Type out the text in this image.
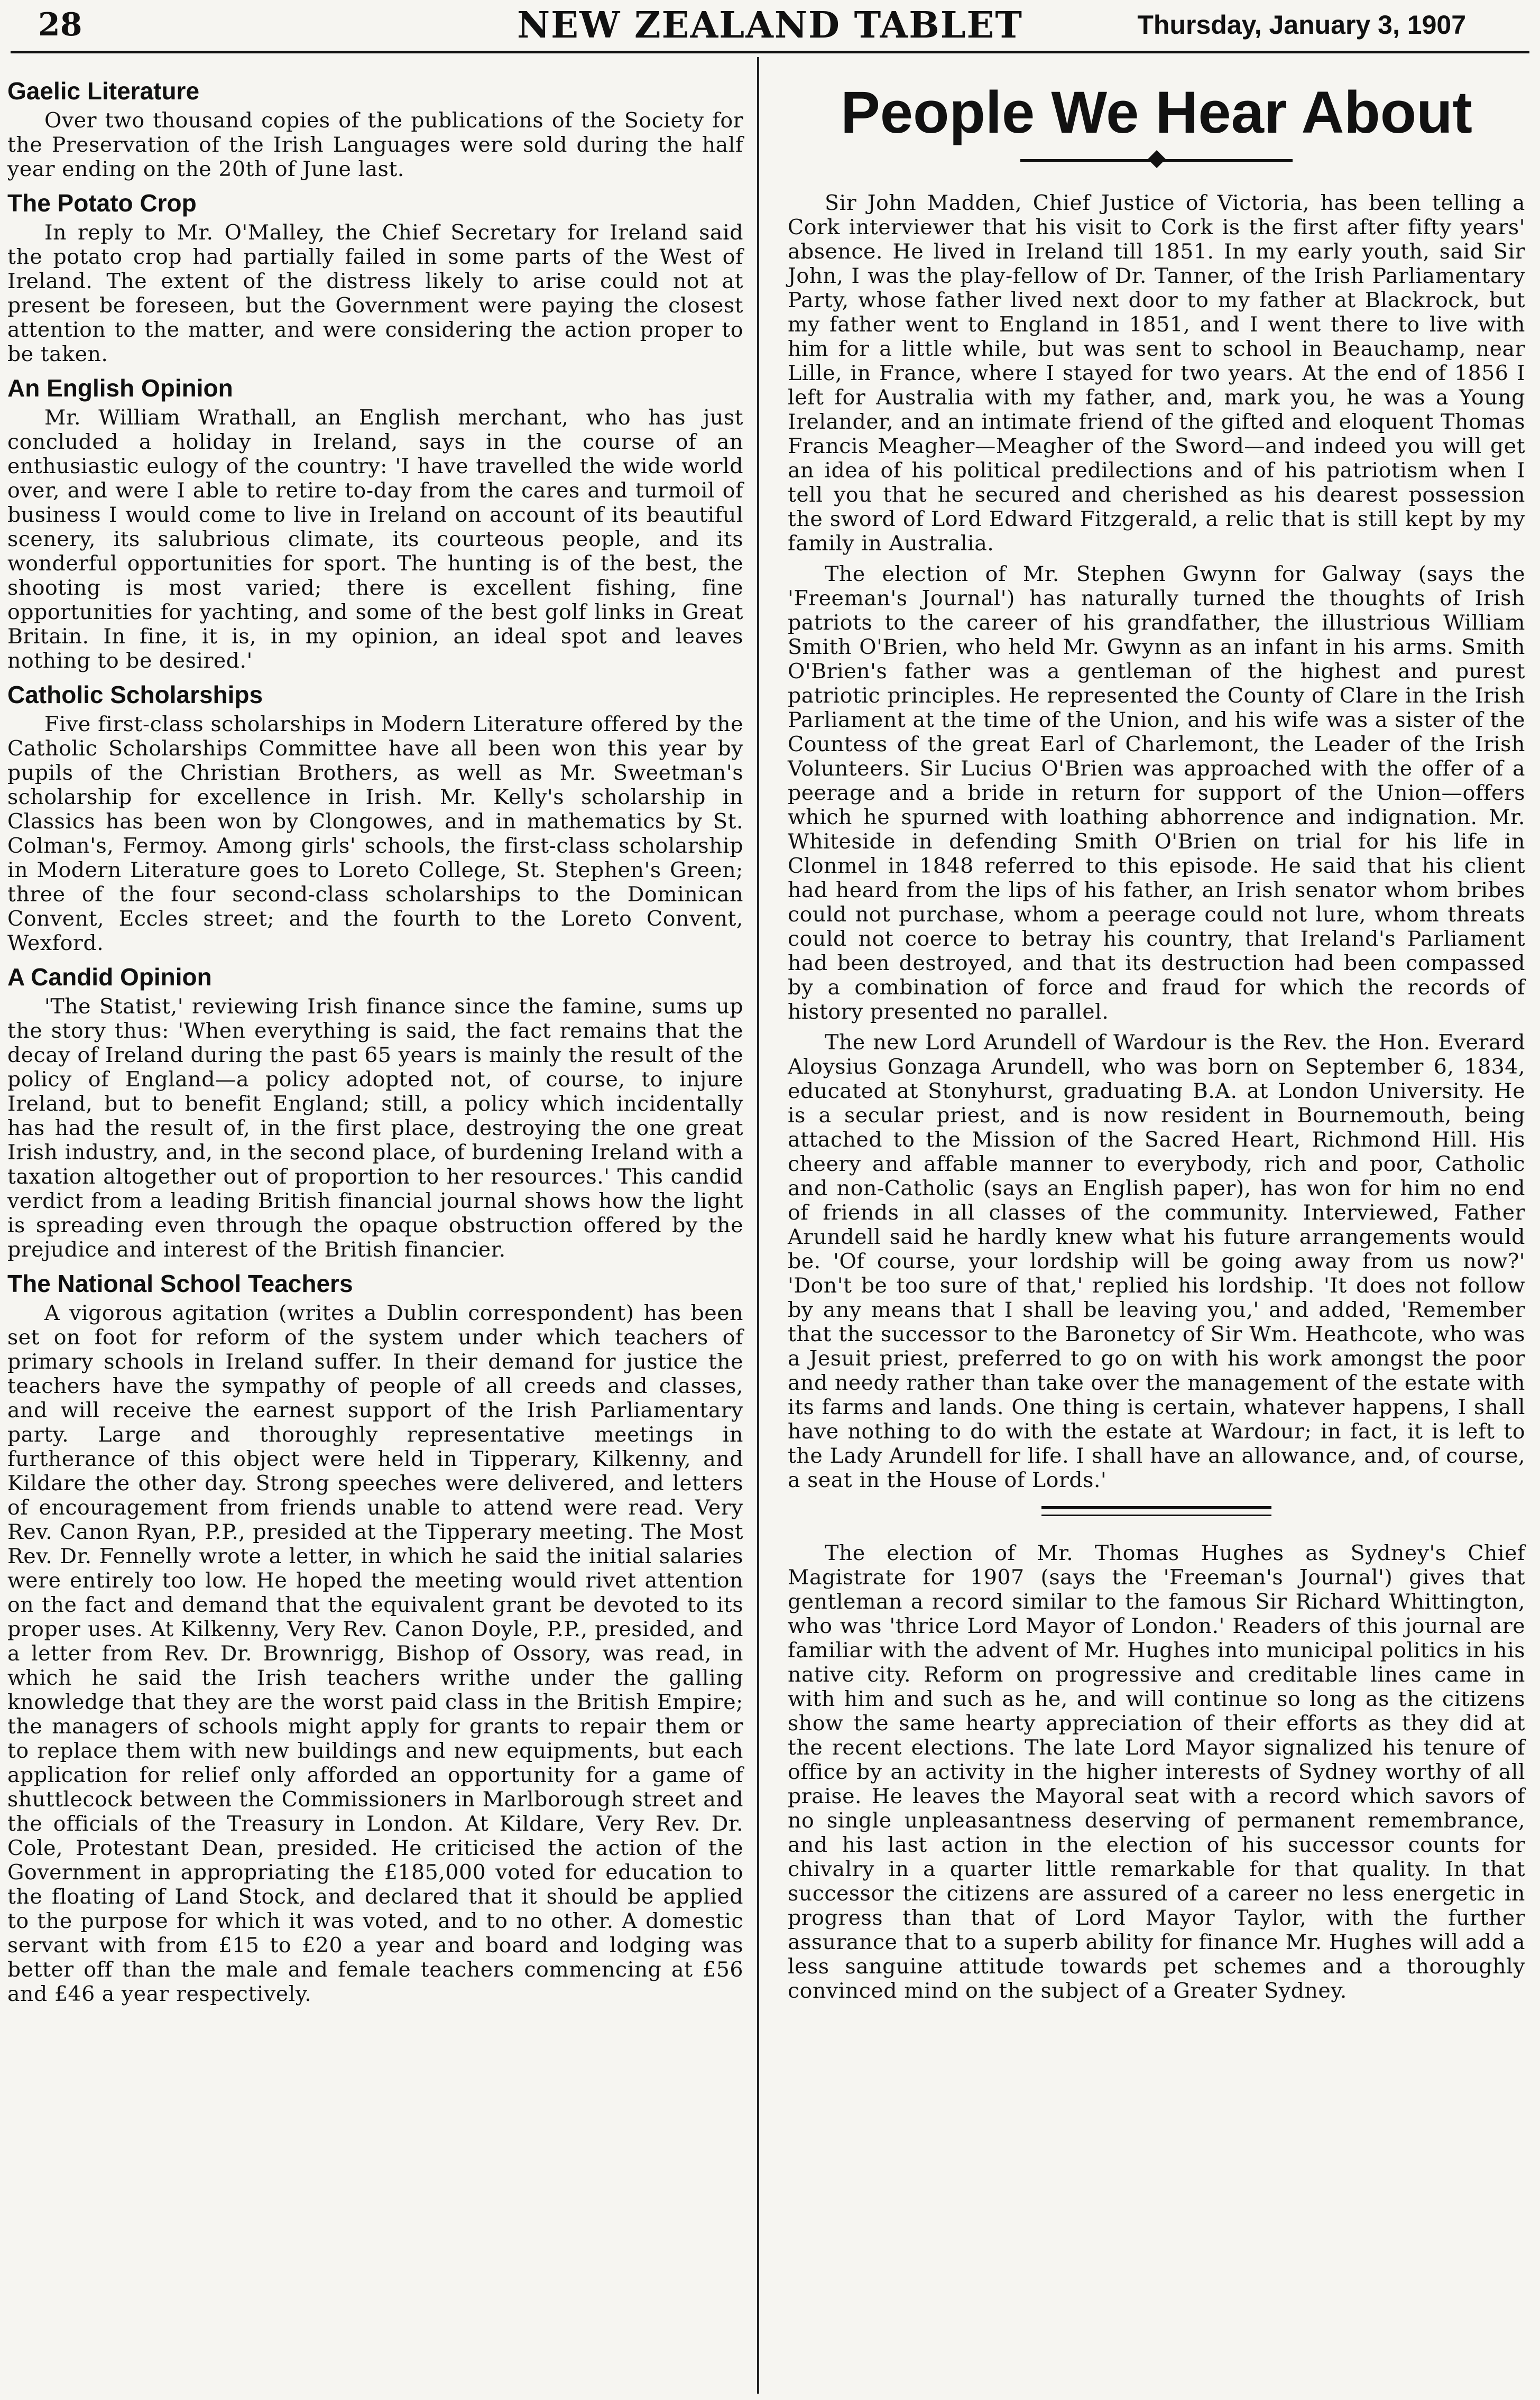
28	NEW ZEALAND TABLET	Thursday, January 3, 1907
Gaelic Literature

Over two thousand copies of the publications of the Society for the Preservation of the Irish Languages were sold during the half year ending on the 20th of June last.

The Potato Crop

In reply to Mr. O'Malley, the Chief Secretary for Ireland said the potato crop had partially failed in some parts of the West of Ireland. The extent of the distress likely to arise could not at present be foreseen, but the Government were paying the closest attention to the matter, and were considering the action proper to be taken.

An English Opinion

Mr. William Wrathall, an English merchant, who has just concluded a holiday in Ireland, says in the course of an enthusiastic eulogy of the country: 'I have travelled the wide world over, and were I able to retire to-day from the cares and turmoil of business I would come to live in Ireland on account of its beautiful scenery, its salubrious climate, its courteous people, and its wonderful opportunities for sport. The hunting is of the best, the shooting is most varied; there is excellent fishing, fine opportunities for yachting, and some of the best golf links in Great Britain. In fine, it is, in my opinion, an ideal spot and leaves nothing to be desired.'

Catholic Scholarships

Five first-class scholarships in Modern Literature offered by the Catholic Scholarships Committee have all been won this year by pupils of the Christian Brothers, as well as Mr. Sweetman's scholarship for excellence in Irish. Mr. Kelly's scholarship in Classics has been won by Clongowes, and in mathematics by St. Colman's, Fermoy. Among girls' schools, the first-class scholarship in Modern Literature goes to Loreto College, St. Stephen's Green; three of the four second-class scholarships to the Dominican Convent, Eccles street; and the fourth to the Loreto Convent, Wexford.

A Candid Opinion

'The Statist,' reviewing Irish finance since the famine, sums up the story thus: 'When everything is said, the fact remains that the decay of Ireland during the past 65 years is mainly the result of the policy of England—a policy adopted not, of course, to injure Ireland, but to benefit England; still, a policy which incidentally has had the result of, in the first place, destroying the one great Irish industry, and, in the second place, of burdening Ireland with a taxation altogether out of proportion to her resources.' This candid verdict from a leading British financial journal shows how the light is spreading even through the opaque obstruction offered by the prejudice and interest of the British financier.

The National School Teachers

A vigorous agitation (writes a Dublin correspondent) has been set on foot for reform of the system under which teachers of primary schools in Ireland suffer. In their demand for justice the teachers have the sympathy of people of all creeds and classes, and will receive the earnest support of the Irish Parliamentary party. Large and thoroughly representative meetings in furtherance of this object were held in Tipperary, Kilkenny, and Kildare the other day. Strong speeches were delivered, and letters of encouragement from friends unable to attend were read. Very Rev. Canon Ryan, P.P., presided at the Tipperary meeting. The Most Rev. Dr. Fennelly wrote a letter, in which he said the initial salaries were entirely too low. He hoped the meeting would rivet attention on the fact and demand that the equivalent grant be devoted to its proper uses. At Kilkenny, Very Rev. Canon Doyle, P.P., presided, and a letter from Rev. Dr. Brownrigg, Bishop of Ossory, was read, in which he said the Irish teachers writhe under the galling knowledge that they are the worst paid class in the British Empire; the managers of schools might apply for grants to repair them or to replace them with new buildings and new equipments, but each application for relief only afforded an opportunity for a game of shuttlecock between the Commissioners in Marlborough street and the officials of the Treasury in London. At Kildare, Very Rev. Dr. Cole, Protestant Dean, presided. He criticised the action of the Government in appropriating the £185,000 voted for education to the floating of Land Stock, and declared that it should be applied to the purpose for which it was voted, and to no other. A domestic servant with from £15 to £20 a year and board and lodging was better off than the male and female teachers commencing at £56 and £46 a year respectively.

People We Hear About

Sir John Madden, Chief Justice of Victoria, has been telling a Cork interviewer that his visit to Cork is the first after fifty years' absence. He lived in Ireland till 1851. In my early youth, said Sir John, I was the play-fellow of Dr. Tanner, of the Irish Parliamentary Party, whose father lived next door to my father at Blackrock, but my father went to England in 1851, and I went there to live with him for a little while, but was sent to school in Beauchamp, near Lille, in France, where I stayed for two years. At the end of 1856 I left for Australia with my father, and, mark you, he was a Young Irelander, and an intimate friend of the gifted and eloquent Thomas Francis Meagher—Meagher of the Sword—and indeed you will get an idea of his political predilections and of his patriotism when I tell you that he secured and cherished as his dearest possession the sword of Lord Edward Fitzgerald, a relic that is still kept by my family in Australia.

The election of Mr. Stephen Gwynn for Galway (says the 'Freeman's Journal') has naturally turned the thoughts of Irish patriots to the career of his grandfather, the illustrious William Smith O'Brien, who held Mr. Gwynn as an infant in his arms. Smith O'Brien's father was a gentleman of the highest and purest patriotic principles. He represented the County of Clare in the Irish Parliament at the time of the Union, and his wife was a sister of the Countess of the great Earl of Charlemont, the Leader of the Irish Volunteers. Sir Lucius O'Brien was approached with the offer of a peerage and a bride in return for support of the Union—offers which he spurned with loathing abhorrence and indignation. Mr. Whiteside in defending Smith O'Brien on trial for his life in Clonmel in 1848 referred to this episode. He said that his client had heard from the lips of his father, an Irish senator whom bribes could not purchase, whom a peerage could not lure, whom threats could not coerce to betray his country, that Ireland's Parliament had been destroyed, and that its destruction had been compassed by a combination of force and fraud for which the records of history presented no parallel.

The new Lord Arundell of Wardour is the Rev. the Hon. Everard Aloysius Gonzaga Arundell, who was born on September 6, 1834, educated at Stonyhurst, graduating B.A. at London University. He is a secular priest, and is now resident in Bournemouth, being attached to the Mission of the Sacred Heart, Richmond Hill. His cheery and affable manner to everybody, rich and poor, Catholic and non-Catholic (says an English paper), has won for him no end of friends in all classes of the community. Interviewed, Father Arundell said he hardly knew what his future arrangements would be. 'Of course, your lordship will be going away from us now?' 'Don't be too sure of that,' replied his lordship. 'It does not follow by any means that I shall be leaving you,' and added, 'Remember that the successor to the Baronetcy of Sir Wm. Heathcote, who was a Jesuit priest, preferred to go on with his work amongst the poor and needy rather than take over the management of the estate with its farms and lands. One thing is certain, whatever happens, I shall have nothing to do with the estate at Wardour; in fact, it is left to the Lady Arundell for life. I shall have an allowance, and, of course, a seat in the House of Lords.'

The election of Mr. Thomas Hughes as Sydney's Chief Magistrate for 1907 (says the 'Freeman's Journal') gives that gentleman a record similar to the famous Sir Richard Whittington, who was 'thrice Lord Mayor of London.' Readers of this journal are familiar with the advent of Mr. Hughes into municipal politics in his native city. Reform on progressive and creditable lines came in with him and such as he, and will continue so long as the citizens show the same hearty appreciation of their efforts as they did at the recent elections. The late Lord Mayor signalized his tenure of office by an activity in the higher interests of Sydney worthy of all praise. He leaves the Mayoral seat with a record which savors of no single unpleasantness deserving of permanent remembrance, and his last action in the election of his successor counts for chivalry in a quarter little remarkable for that quality. In that successor the citizens are assured of a career no less energetic in progress than that of Lord Mayor Taylor, with the further assurance that to a superb ability for finance Mr. Hughes will add a less sanguine attitude towards pet schemes and a thoroughly convinced mind on the subject of a Greater Sydney.
